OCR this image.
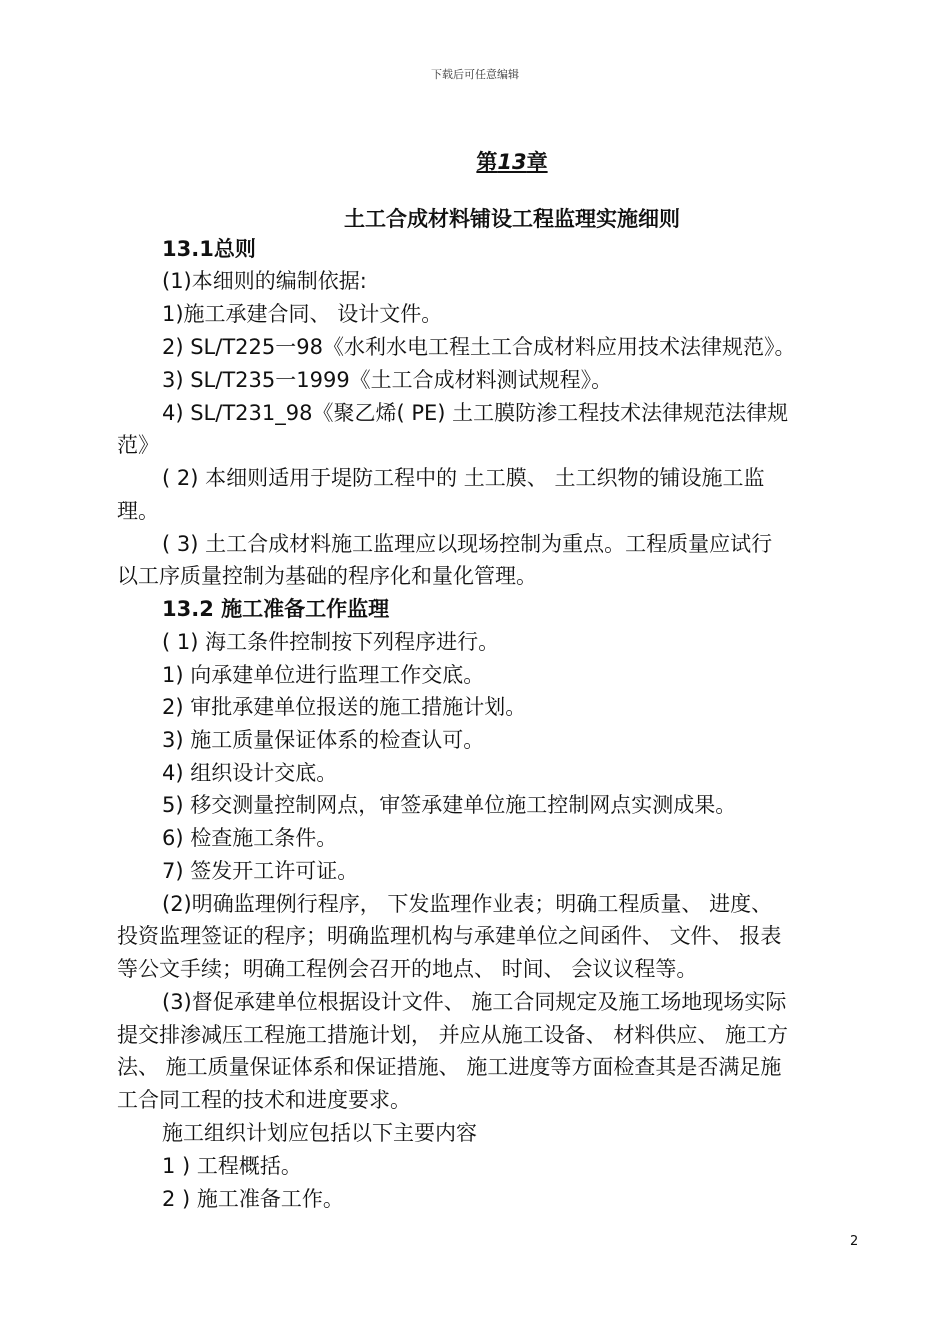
下载后可任意编辑
第13章
土工合成材料铺设工程监理实施细则
13.1总则
(1)本细则的编制依据:
1)施工承建合同、 设计文件。
2) SL/T225一98《水利水电工程土工合成材料应用技术法律规范》。
3) SL/T235一1999《土工合成材料测试规程》。
4) SL/T231_98《聚乙烯( PE) 土工膜防渗工程技术法律规范法律规
范》
( 2) 本细则适用于堤防工程中的 土工膜、 土工织物的铺设施工监
理。
( 3) 土工合成材料施工监理应以现场控制为重点。工程质量应试行
以工序质量控制为基础的程序化和量化管理。
13.2 施工准备工作监理
( 1) 海工条件控制按下列程序进行。
1) 向承建单位进行监理工作交底。
2) 审批承建单位报送的施工措施计划。
3) 施工质量保证体系的检查认可。
4) 组织设计交底。
5) 移交测量控制网点，审签承建单位施工控制网点实测成果。
6) 检查施工条件。
7) 签发开工许可证。
(2)明确监理例行程序， 下发监理作业表；明确工程质量、 进度、
投资监理签证的程序；明确监理机构与承建单位之间函件、 文件、 报表
等公文手续；明确工程例会召开的地点、 时间、 会议议程等。
(3)督促承建单位根据设计文件、 施工合同规定及施工场地现场实际
提交排渗减压工程施工措施计划， 并应从施工设备、 材料供应、 施工方
法、 施工质量保证体系和保证措施、 施工进度等方面检查其是否满足施
工合同工程的技术和进度要求。
施工组织计划应包括以下主要内容
1 ) 工程概括。
2 ) 施工准备工作。
2
